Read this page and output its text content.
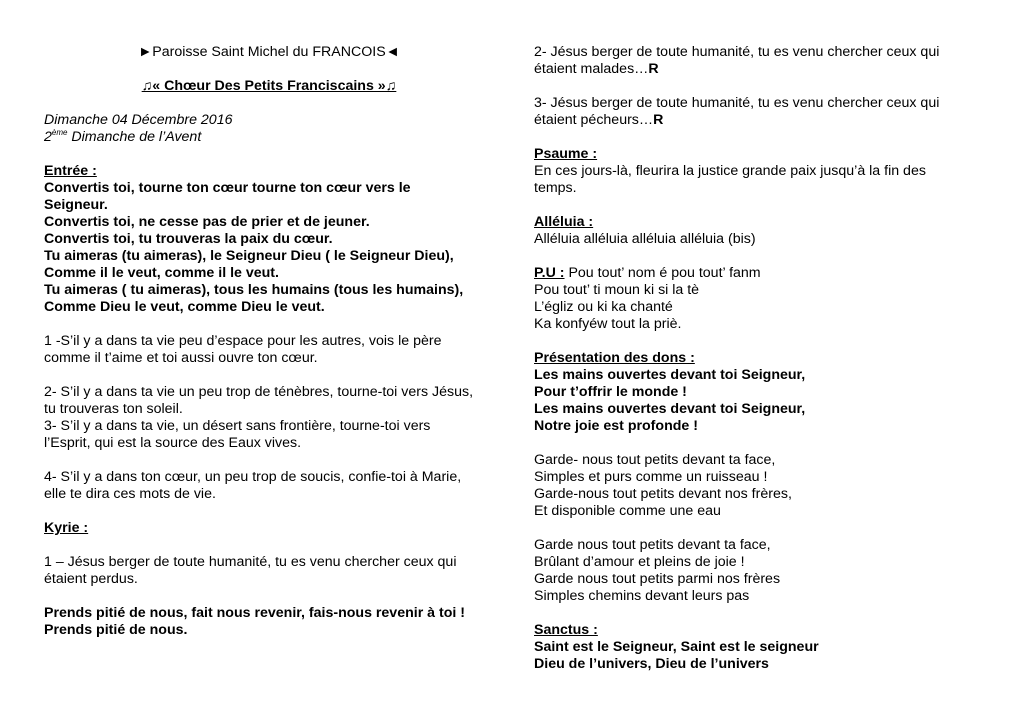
►Paroisse Saint Michel du FRANCOIS◄
♫« Chœur Des Petits Franciscains »♫
Dimanche 04 Décembre 2016
2ème Dimanche de l’Avent
Entrée :
Convertis toi, tourne ton cœur tourne ton cœur vers le
Seigneur.
Convertis toi, ne cesse pas de prier et de jeuner.
Convertis toi, tu trouveras la paix du cœur.
Tu aimeras (tu aimeras), le Seigneur Dieu ( le Seigneur Dieu),
Comme il le veut, comme il le veut.
Tu aimeras ( tu aimeras), tous les humains (tous les humains),
Comme Dieu le veut, comme Dieu le veut.
1 -S’il y a dans ta vie peu d’espace pour les autres, vois le père
comme il t’aime et toi aussi ouvre ton cœur.
2- S’il y a dans ta vie un peu trop de ténèbres, tourne-toi vers Jésus,
tu trouveras ton soleil.
3- S’il y a dans ta vie, un désert sans frontière, tourne-toi vers
l’Esprit, qui est la source des Eaux vives.
4- S’il y a dans ton cœur, un peu trop de soucis, confie-toi à Marie,
elle te dira ces mots de vie.
Kyrie :
1 – Jésus berger de toute humanité, tu es venu chercher ceux qui
étaient perdus.
Prends pitié de nous, fait nous revenir, fais-nous revenir à toi !
Prends pitié de nous.
2- Jésus berger de toute humanité, tu es venu chercher ceux qui
étaient malades…R
3- Jésus berger de toute humanité, tu es venu chercher ceux qui
étaient pécheurs…R
Psaume :
En ces jours-là, fleurira la justice grande paix jusqu’à la fin des
temps.
Alléluia :
Alléluia alléluia alléluia alléluia (bis)
P.U : Pou tout’ nom é pou tout’ fanm
Pou tout’ ti moun ki si la tè
L’égliz ou ki ka chanté
Ka konfyéw tout la priè.
Présentation des dons :
Les mains ouvertes devant toi Seigneur,
Pour t’offrir le monde !
Les mains ouvertes devant toi Seigneur,
Notre joie est profonde !
Garde- nous tout petits devant ta face,
Simples et purs comme un ruisseau !
Garde-nous tout petits devant nos frères,
Et disponible comme une eau
Garde nous tout petits devant ta face,
Brûlant d’amour et pleins de joie !
Garde nous tout petits parmi nos frères
Simples chemins devant leurs pas
Sanctus :
Saint est le Seigneur, Saint est le seigneur
Dieu de l’univers, Dieu de l’univers
